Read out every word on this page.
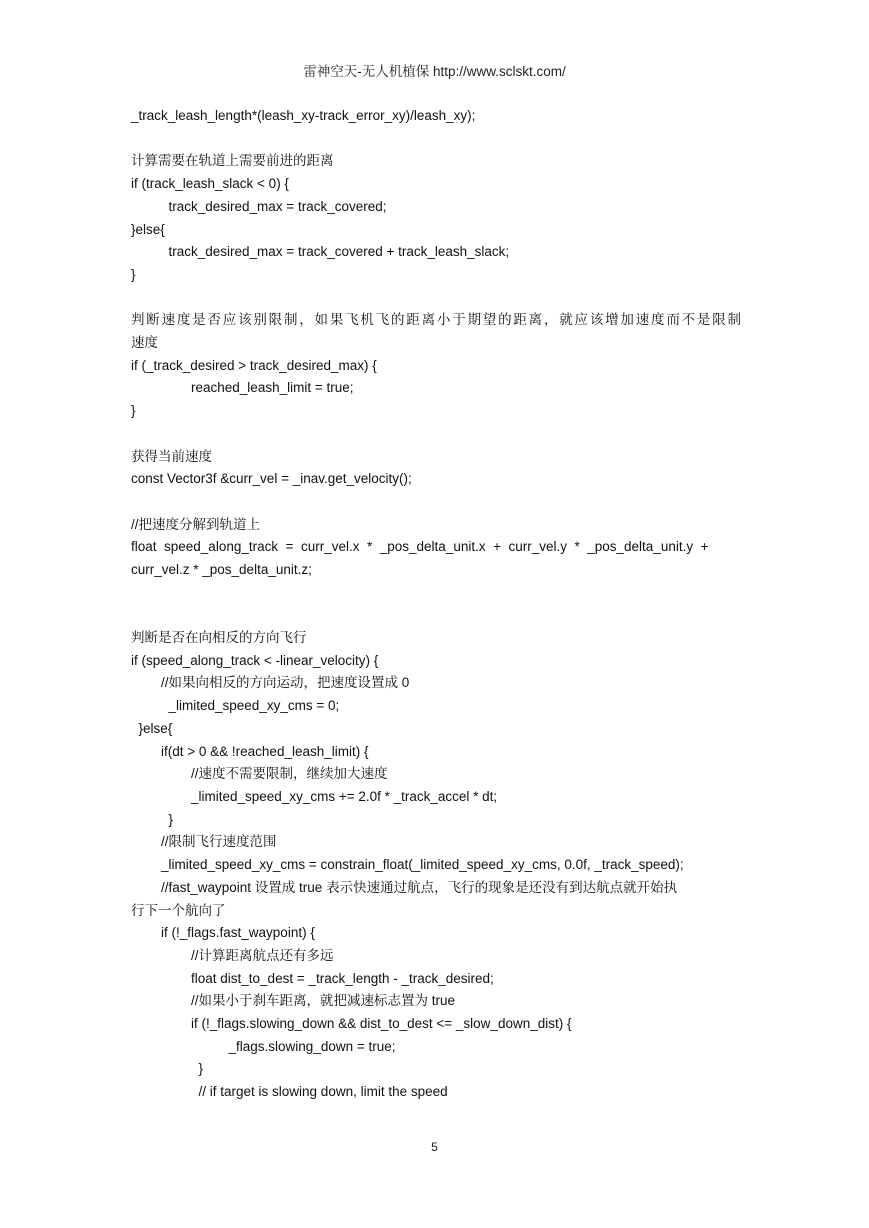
雷神空天-无人机植保 http://www.sclskt.com/
_track_leash_length*(leash_xy-track_error_xy)/leash_xy);
计算需要在轨道上需要前进的距离
if (track_leash_slack < 0) {
track_desired_max = track_covered;
}else{
track_desired_max = track_covered + track_leash_slack;
}
判断速度是否应该别限制，如果飞机飞的距离小于期望的距离，就应该增加速度而不是限制
速度
if (_track_desired > track_desired_max) {
reached_leash_limit = true;
}
获得当前速度
const Vector3f &curr_vel = _inav.get_velocity();
//把速度分解到轨道上
float  speed_along_track  =  curr_vel.x  *  _pos_delta_unit.x  +  curr_vel.y  *  _pos_delta_unit.y  +
curr_vel.z * _pos_delta_unit.z;
判断是否在向相反的方向飞行
if (speed_along_track < -linear_velocity) {
//如果向相反的方向运动，把速度设置成 0
_limited_speed_xy_cms = 0;
}else{
if(dt > 0 && !reached_leash_limit) {
//速度不需要限制，继续加大速度
_limited_speed_xy_cms += 2.0f * _track_accel * dt;
}
//限制飞行速度范围
_limited_speed_xy_cms = constrain_float(_limited_speed_xy_cms, 0.0f, _track_speed);
//fast_waypoint 设置成 true 表示快速通过航点，飞行的现象是还没有到达航点就开始执
行下一个航向了
if (!_flags.fast_waypoint) {
//计算距离航点还有多远
float dist_to_dest = _track_length - _track_desired;
//如果小于刹车距离，就把减速标志置为 true
if (!_flags.slowing_down && dist_to_dest <= _slow_down_dist) {
_flags.slowing_down = true;
}
// if target is slowing down, limit the speed
5
